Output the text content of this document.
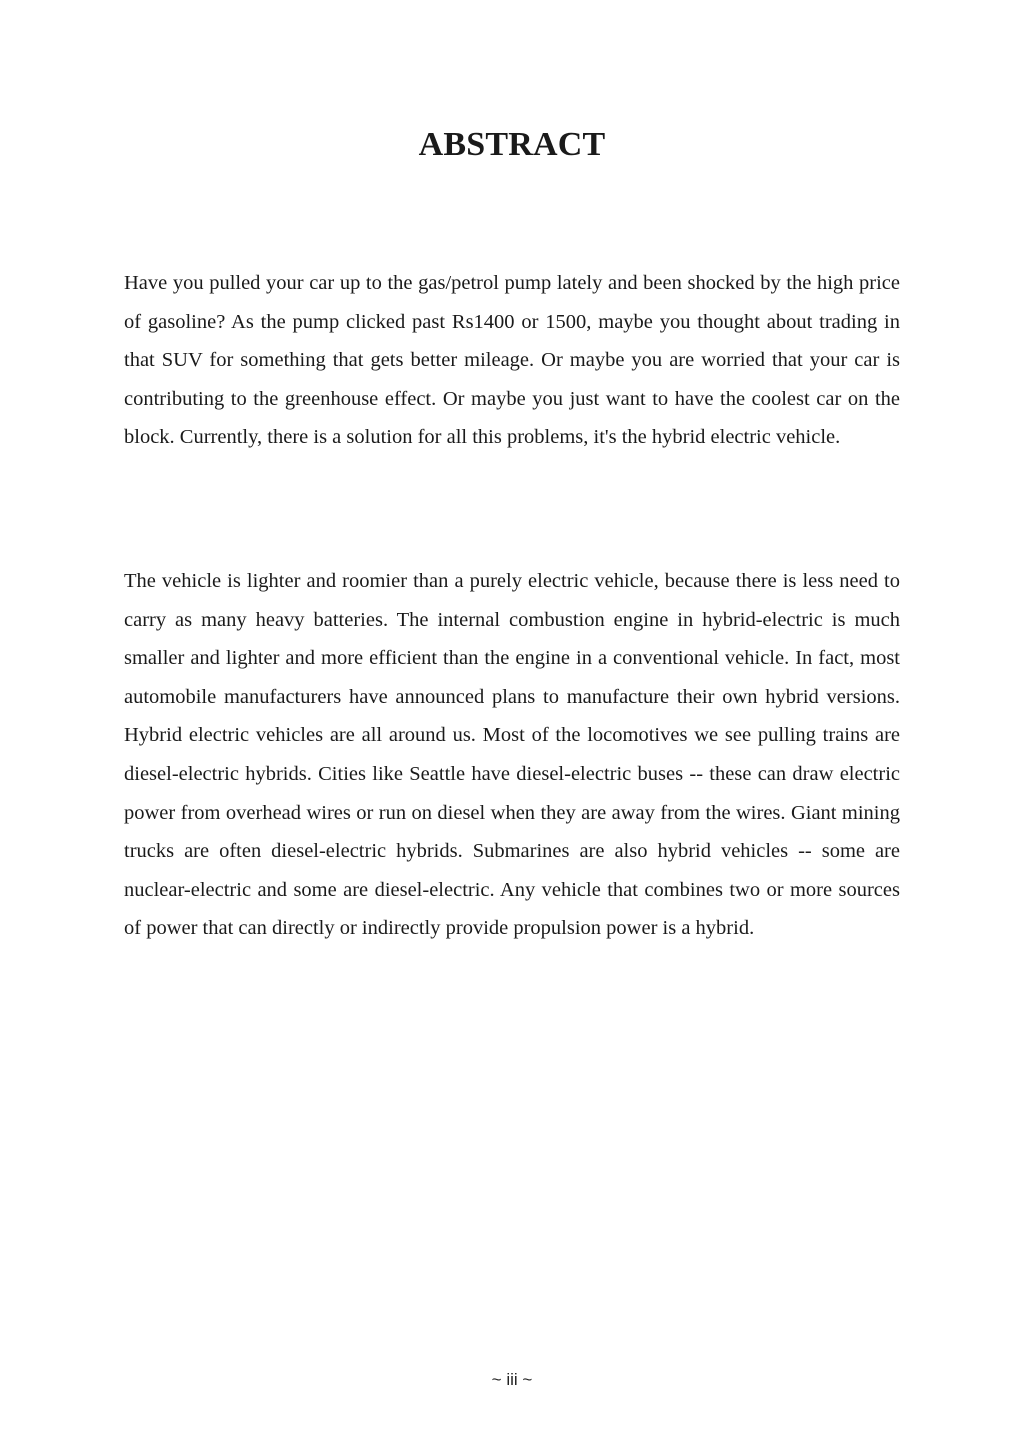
ABSTRACT

Have you pulled your car up to the gas/petrol pump lately and been shocked by the high price of gasoline? As the pump clicked past Rs1400 or 1500, maybe you thought about trading in that SUV for something that gets better mileage. Or maybe you are worried that your car is contributing to the greenhouse effect. Or maybe you just want to have the coolest car on the block. Currently, there is a solution for all this problems, it's the hybrid electric vehicle.

The vehicle is lighter and roomier than a purely electric vehicle, because there is less need to carry as many heavy batteries. The internal combustion engine in hybrid-electric is much smaller and lighter and more efficient than the engine in a conventional vehicle. In fact, most automobile manufacturers have announced plans to manufacture their own hybrid versions. Hybrid electric vehicles are all around us. Most of the locomotives we see pulling trains are diesel-electric hybrids. Cities like Seattle have diesel-electric buses -- these can draw electric power from overhead wires or run on diesel when they are away from the wires. Giant mining trucks are often diesel-electric hybrids. Submarines are also hybrid vehicles -- some are nuclear-electric and some are diesel-electric. Any vehicle that combines two or more sources of power that can directly or indirectly provide propulsion power is a hybrid.

~ iii ~
